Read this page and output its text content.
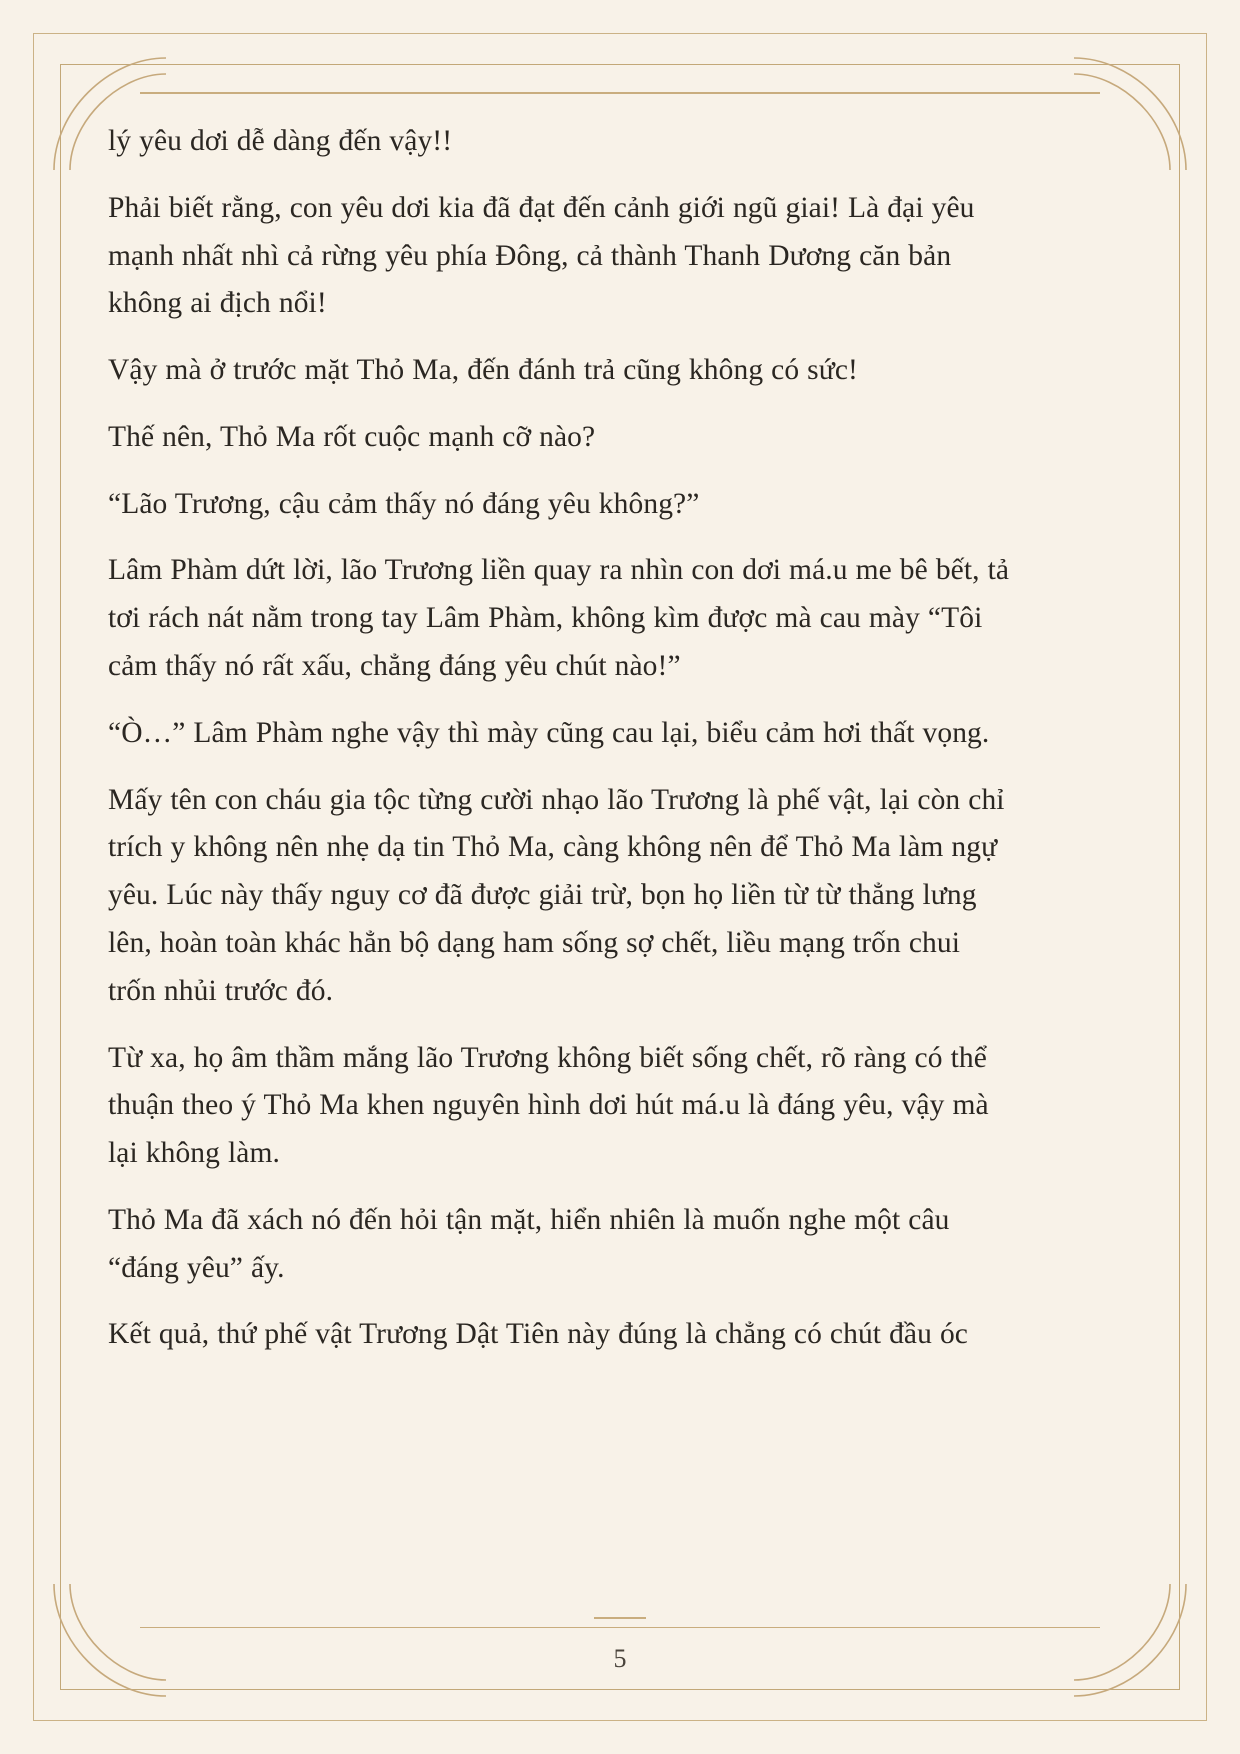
lý yêu dơi dễ dàng đến vậy!!

Phải biết rằng, con yêu dơi kia đã đạt đến cảnh giới ngũ giai! Là đại yêu mạnh nhất nhì cả rừng yêu phía Đông, cả thành Thanh Dương căn bản không ai địch nổi!

Vậy mà ở trước mặt Thỏ Ma, đến đánh trả cũng không có sức!

Thế nên, Thỏ Ma rốt cuộc mạnh cỡ nào?

“Lão Trương, cậu cảm thấy nó đáng yêu không?”

Lâm Phàm dứt lời, lão Trương liền quay ra nhìn con dơi má.u me bê bết, tả tơi rách nát nằm trong tay Lâm Phàm, không kìm được mà cau mày “Tôi cảm thấy nó rất xấu, chẳng đáng yêu chút nào!”

“Ò…” Lâm Phàm nghe vậy thì mày cũng cau lại, biểu cảm hơi thất vọng.

Mấy tên con cháu gia tộc từng cười nhạo lão Trương là phế vật, lại còn chỉ trích y không nên nhẹ dạ tin Thỏ Ma, càng không nên để Thỏ Ma làm ngự yêu. Lúc này thấy nguy cơ đã được giải trừ, bọn họ liền từ từ thẳng lưng lên, hoàn toàn khác hẳn bộ dạng ham sống sợ chết, liều mạng trốn chui trốn nhủi trước đó.

Từ xa, họ âm thầm mắng lão Trương không biết sống chết, rõ ràng có thể thuận theo ý Thỏ Ma khen nguyên hình dơi hút má.u là đáng yêu, vậy mà lại không làm.

Thỏ Ma đã xách nó đến hỏi tận mặt, hiển nhiên là muốn nghe một câu “đáng yêu” ấy.

Kết quả, thứ phế vật Trương Dật Tiên này đúng là chẳng có chút đầu óc

5
